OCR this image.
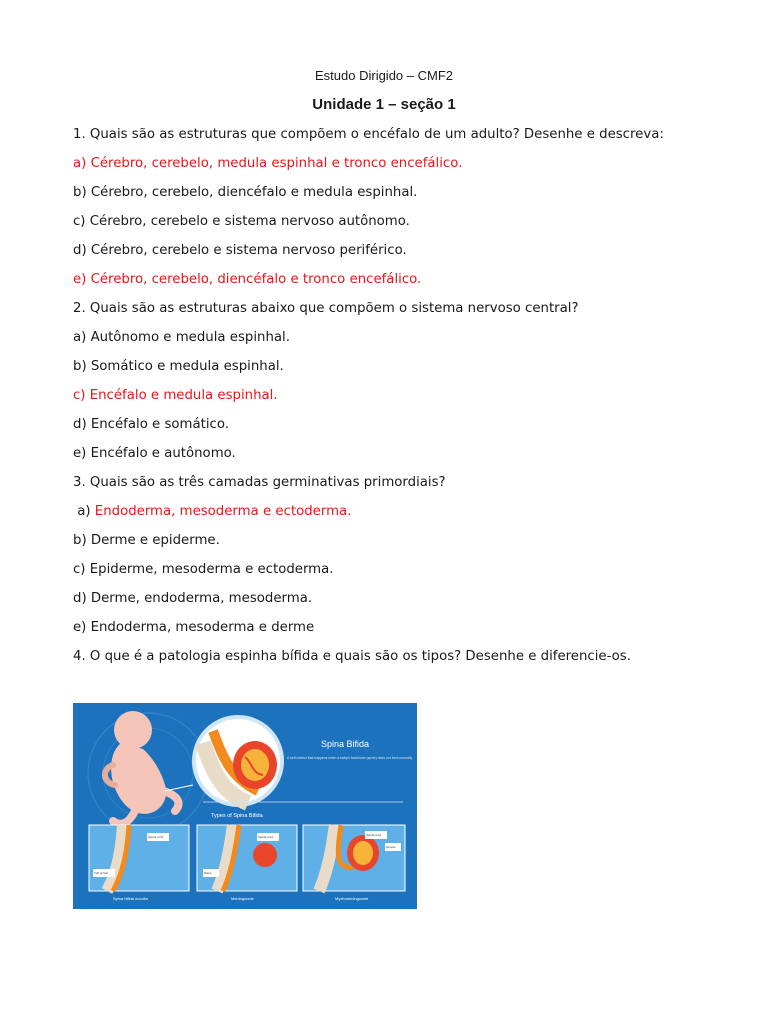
Estudo Dirigido – CMF2
Unidade 1 – seção 1
1. Quais são as estruturas que compõem o encéfalo de um adulto? Desenhe e descreva:
a) Cérebro, cerebelo, medula espinhal e tronco encefálico.
b) Cérebro, cerebelo, diencéfalo e medula espinhal.
c) Cérebro, cerebelo e sistema nervoso autônomo.
d) Cérebro, cerebelo e sistema nervoso periférico.
e) Cérebro, cerebelo, diencéfalo e tronco encefálico.
2. Quais são as estruturas abaixo que compõem o sistema nervoso central?
a) Autônomo e medula espinhal.
b) Somático e medula espinhal.
c) Encéfalo e medula espinhal.
d) Encéfalo e somático.
e) Encéfalo e autônomo.
3. Quais são as três camadas germinativas primordiais?
a) Endoderma, mesoderma e ectoderma.
b) Derme e epiderme.
c) Epiderme, mesoderma e ectoderma.
d) Derme, endoderma, mesoderma.
e) Endoderma, mesoderma e derme
4. O que é a patologia espinha bífida e quais são os tipos? Desenhe e diferencie-os.
Spina Bifida
A birth defect that happens when a baby's backbone (spine) does not form normally
Types of Spina Bifida
Spinal cord
Tuft of hair
Spina bifida occulta
Spinal cord
Spine
Meningocele
Spinal cord
Nerves
Myelomeningocele
